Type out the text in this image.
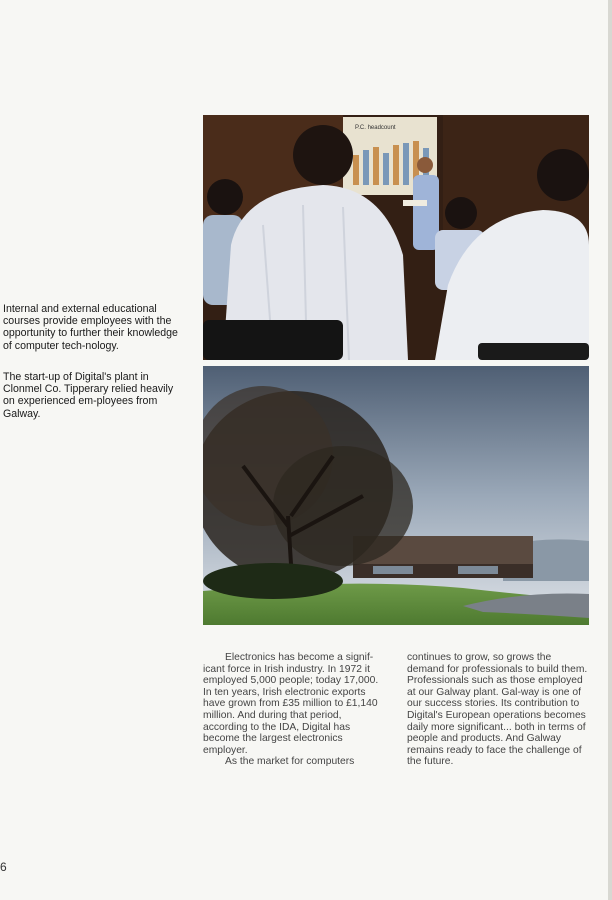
Internal and external educational courses provide employees with the opportunity to further their knowledge of computer tech-nology.

The start-up of Digital's plant in Clonmel Co. Tipperary relied heavily on experienced em-ployees from Galway.

P.C. headcount

Electronics has become a signif-icant force in Irish industry. In 1972 it employed 5,000 people; today 17,000. In ten years, Irish electronic exports have grown from £35 million to £1,140 million. And during that period, according to the IDA, Digital has become the largest electronics employer.

As the market for computers

continues to grow, so grows the demand for professionals to build them. Professionals such as those employed at our Galway plant. Gal-way is one of our success stories. Its contribution to Digital's European operations becomes daily more significant... both in terms of people and products. And Galway remains ready to face the challenge of the future.

6
